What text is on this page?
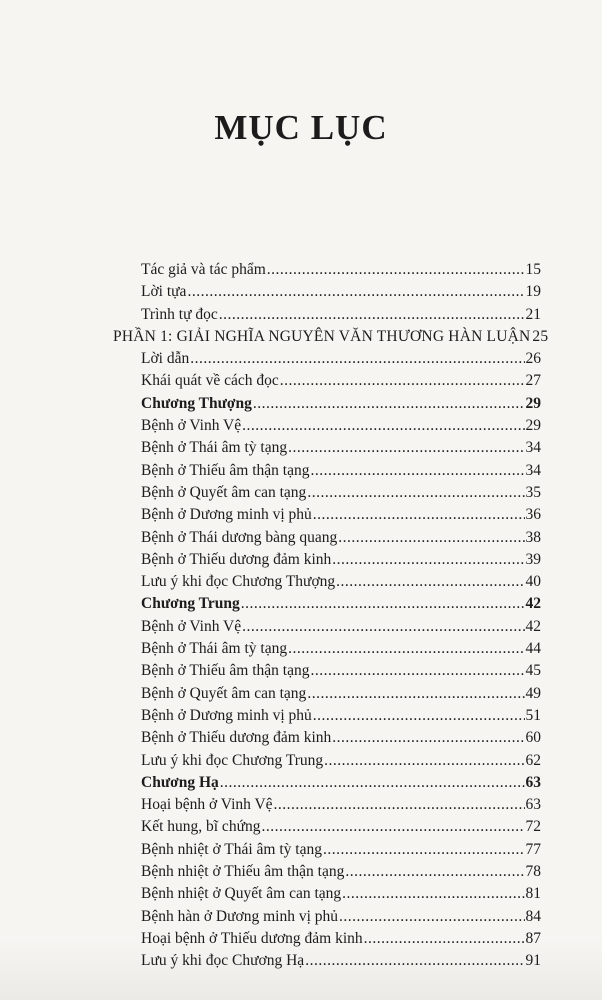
MỤC LỤC
Tác giả và tác phẩm .....	15
Lời tựa .....	19
Trình tự đọc .....	21
PHẦN 1: GIẢI NGHĨA NGUYÊN VĂN THƯƠNG HÀN LUẬN 25
Lời dẫn .....	26
Khái quát về cách đọc .....	27
Chương Thượng .....	29
Bệnh ở Vinh Vệ .....	29
Bệnh ở Thái âm tỳ tạng .....	34
Bệnh ở Thiếu âm thận tạng .....	34
Bệnh ở Quyết âm can tạng .....	35
Bệnh ở Dương minh vị phủ .....	36
Bệnh ở Thái dương bàng quang .....	38
Bệnh ở Thiếu dương đảm kinh .....	39
Lưu ý khi đọc Chương Thượng .....	40
Chương Trung .....	42
Bệnh ở Vinh Vệ .....	42
Bệnh ở Thái âm tỳ tạng .....	44
Bệnh ở Thiếu âm thận tạng .....	45
Bệnh ở Quyết âm can tạng .....	49
Bệnh ở Dương minh vị phủ .....	51
Bệnh ở Thiếu dương đảm kinh .....	60
Lưu ý khi đọc Chương Trung .....	62
Chương Hạ .....	63
Hoại bệnh ở Vinh Vệ .....	63
Kết hung, bĩ chứng .....	72
Bệnh nhiệt ở Thái âm tỳ tạng .....	77
Bệnh nhiệt ở Thiếu âm thận tạng .....	78
Bệnh nhiệt ở Quyết âm can tạng .....	81
Bệnh hàn ở Dương minh vị phủ .....	84
Hoại bệnh ở Thiếu dương đảm kinh .....	87
Lưu ý khi đọc Chương Hạ .....	91
